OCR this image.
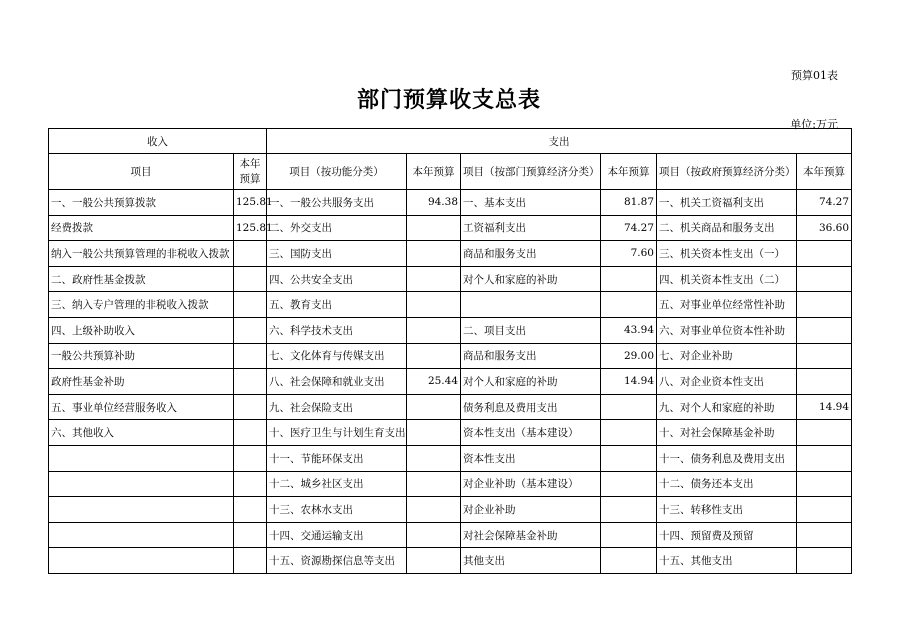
预算01表
部门预算收支总表
单位:万元
收入		支出					
项目	本年预算	项目（按功能分类）	本年预算	项目（按部门预算经济分类）	本年预算	项目（按政府预算经济分类）	本年预算
一、一般公共预算拨款	125.81	一、一般公共服务支出	94.38	一、基本支出	81.87	一、机关工资福利支出	74.27
经费拨款	125.81	二、外交支出		工资福利支出	74.27	二、机关商品和服务支出	36.60
纳入一般公共预算管理的非税收入拨款		三、国防支出		商品和服务支出	7.60	三、机关资本性支出（一）	
二、政府性基金拨款		四、公共安全支出		对个人和家庭的补助		四、机关资本性支出（二）	
三、纳入专户管理的非税收入拨款		五、教育支出				五、对事业单位经常性补助	
四、上级补助收入		六、科学技术支出		二、项目支出	43.94	六、对事业单位资本性补助	
一般公共预算补助		七、文化体育与传媒支出		商品和服务支出	29.00	七、对企业补助	
政府性基金补助		八、社会保障和就业支出	25.44	对个人和家庭的补助	14.94	八、对企业资本性支出	
五、事业单位经营服务收入		九、社会保险支出		债务利息及费用支出		九、对个人和家庭的补助	14.94
六、其他收入		十、医疗卫生与计划生育支出		资本性支出（基本建设）		十、对社会保障基金补助	
		十一、节能环保支出		资本性支出		十一、债务利息及费用支出	
		十二、城乡社区支出		对企业补助（基本建设）		十二、债务还本支出	
		十三、农林水支出		对企业补助		十三、转移性支出	
		十四、交通运输支出		对社会保障基金补助		十四、预留费及预留	
		十五、资源勘探信息等支出		其他支出		十五、其他支出	
